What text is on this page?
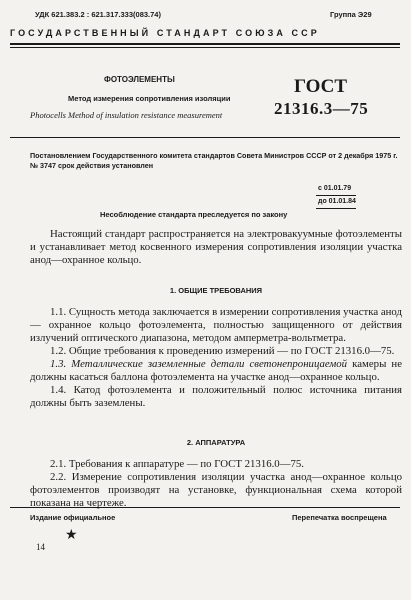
УДК 621.383.2 : 621.317.333(083.74)	Группа Э29
ГОСУДАРСТВЕННЫЙ СТАНДАРТ СОЮЗА ССР
ФОТОЭЛЕМЕНТЫ
Метод измерения сопротивления изоляции
Photocells Method of insulation resistance measurement
ГОСТ
21316.3—75
Постановлением Государственного комитета стандартов Совета Министров СССР от 2 декабря 1975 г. № 3747 срок действия установлен
с 01.01.79
до 01.01.84
Несоблюдение стандарта преследуется по закону
Настоящий стандарт распространяется на электровакуумные фотоэлементы и устанавливает метод косвенного измерения сопротивления изоляции участка анод—охранное кольцо.
1. ОБЩИЕ ТРЕБОВАНИЯ

1.1. Сущность метода заключается в измерении сопротивления участка анод — охранное кольцо фотоэлемента, полностью защищенного от действия излучений оптического диапазона, методом амперметра-вольтметра.

1.2. Общие требования к проведению измерений — по ГОСТ 21316.0—75.

1.3. Металлические заземленные детали светонепроницаемой камеры не должны касаться баллона фотоэлемента на участке анод—охранное кольцо.

1.4. Катод фотоэлемента и положительный полюс источника питания должны быть заземлены.

2. АППАРАТУРА

2.1. Требования к аппаратуре — по ГОСТ 21316.0—75.

2.2. Измерение сопротивления изоляции участка анод—охранное кольцо фотоэлементов производят на установке, функциональная схема которой показана на чертеже.

Издание официальное	Перепечатка воспрещена
★
14
